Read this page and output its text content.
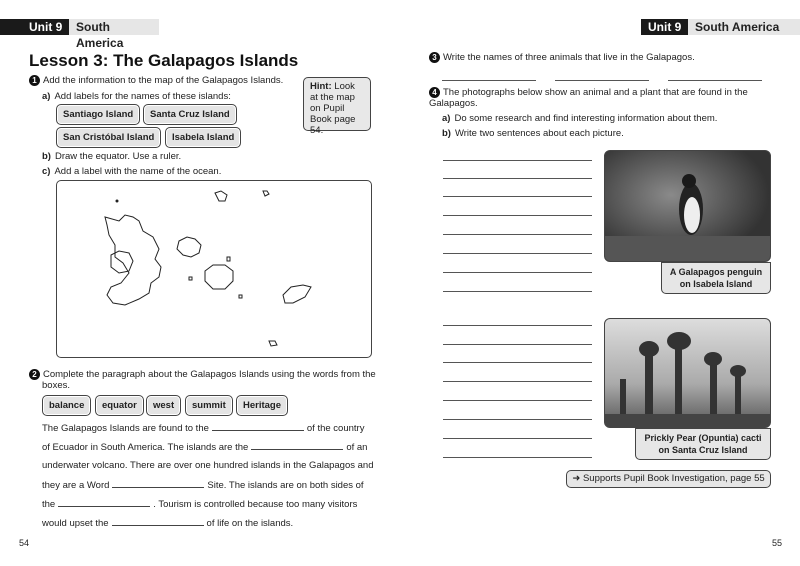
Unit 9	South America
Lesson 3: The Galapagos Islands
1 Add the information to the map of the Galapagos Islands.
a) Add labels for the names of these islands:
Santiago Island	Santa Cruz Island
San Cristóbal Island	Isabela Island
Hint: Look at the map on Pupil Book page 54.
b) Draw the equator. Use a ruler.
c) Add a label with the name of the ocean.
2 Complete the paragraph about the Galapagos Islands using the words from the boxes.
balance	equator	west	summit	Heritage
The Galapagos Islands are found to the	of the country
of Ecuador in South America. The islands are the	of an
underwater volcano. There are over one hundred islands in the Galapagos and
they are a Word	Site. The islands are on both sides of
the	. Tourism is controlled because too many visitors
would upset the	of life on the islands.
54
Unit 9	South America
3 Write the names of three animals that live in the Galapagos.
4 The photographs below show an animal and a plant that are found in the Galapagos.
a) Do some research and find interesting information about them.
b) Write two sentences about each picture.
A Galapagos penguin on Isabela Island
Prickly Pear (Opuntia) cacti on Santa Cruz Island
➜ Supports Pupil Book Investigation, page 55
55
